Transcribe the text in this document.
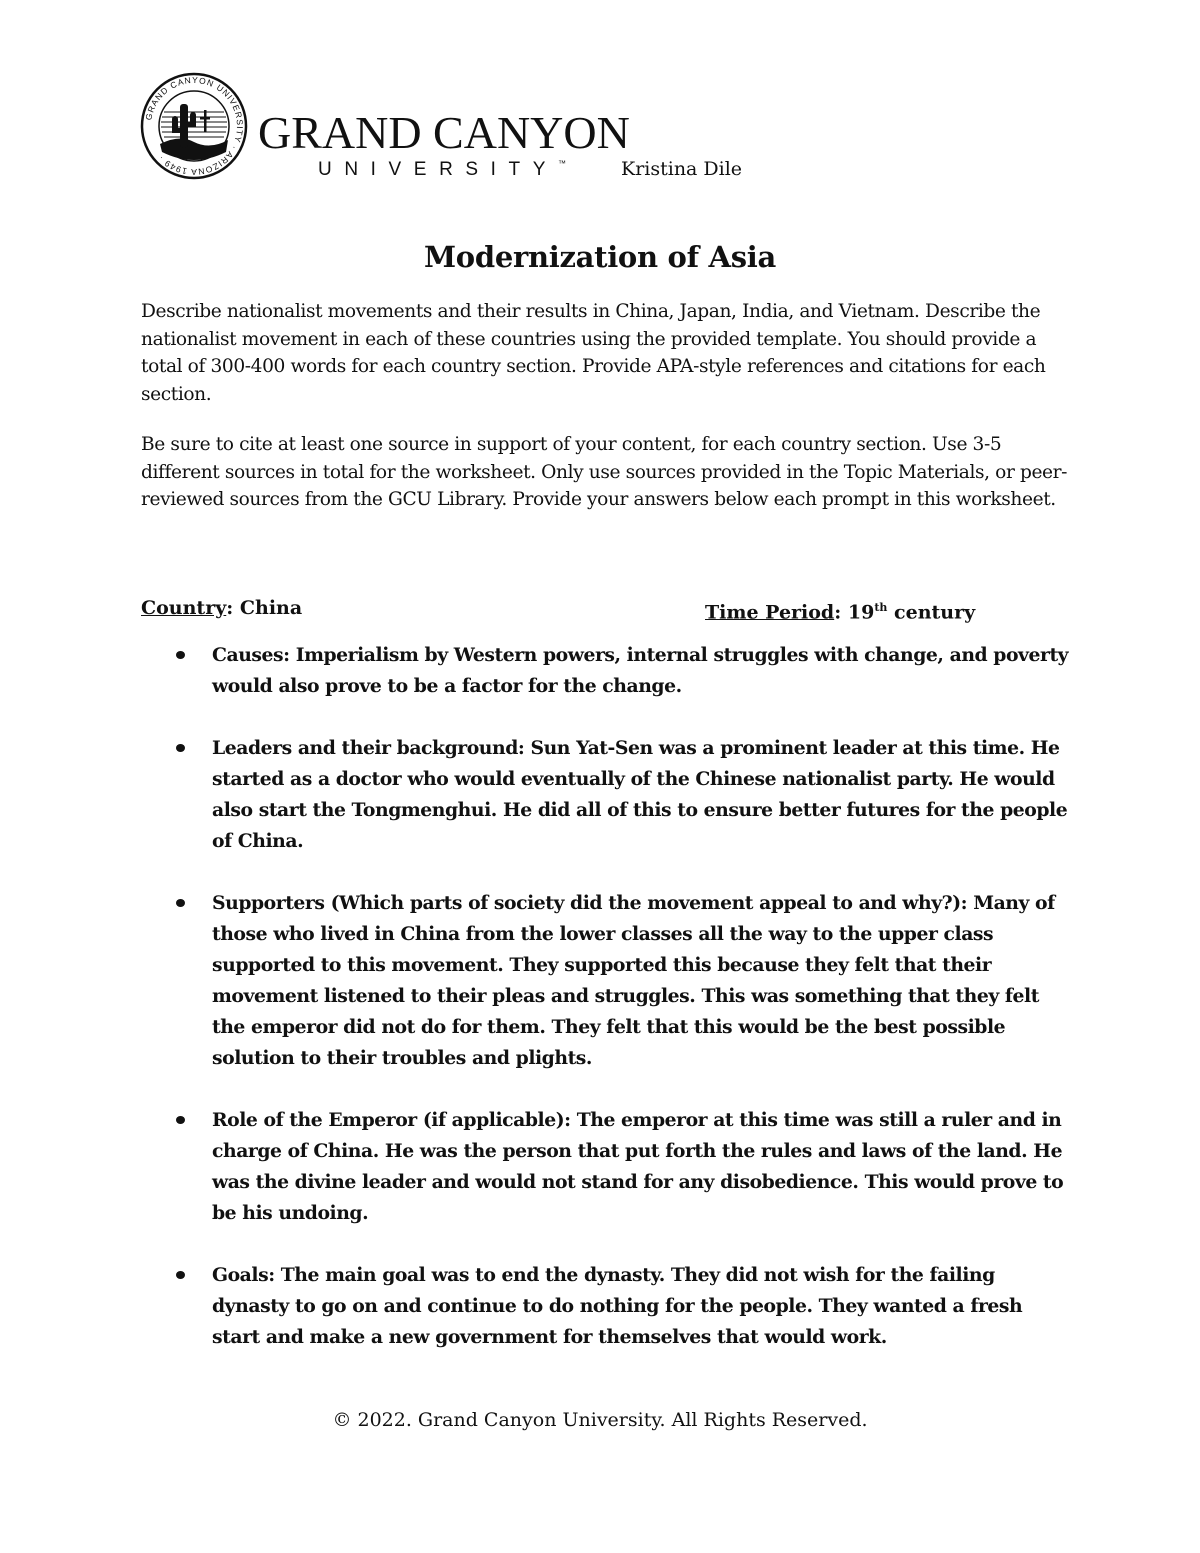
GRAND CANYON UNIVERSITY · ARIZONA 1949 ·	GRAND CANYON
UNIVERSITY™	Kristina Dile
Modernization of Asia
Describe nationalist movements and their results in China, Japan, India, and Vietnam. Describe the nationalist movement in each of these countries using the provided template. You should provide a total of 300-400 words for each country section. Provide APA-style references and citations for each section.
Be sure to cite at least one source in support of your content, for each country section. Use 3-5 different sources in total for the worksheet. Only use sources provided in the Topic Materials, or peer-reviewed sources from the GCU Library. Provide your answers below each prompt in this worksheet.
Country: China	Time Period: 19th century
Causes: Imperialism by Western powers, internal struggles with change, and poverty would also prove to be a factor for the change.
Leaders and their background: Sun Yat-Sen was a prominent leader at this time. He started as a doctor who would eventually of the Chinese nationalist party. He would also start the Tongmenghui. He did all of this to ensure better futures for the people of China.
Supporters (Which parts of society did the movement appeal to and why?): Many of those who lived in China from the lower classes all the way to the upper class supported to this movement. They supported this because they felt that their movement listened to their pleas and struggles. This was something that they felt the emperor did not do for them. They felt that this would be the best possible solution to their troubles and plights.
Role of the Emperor (if applicable): The emperor at this time was still a ruler and in charge of China. He was the person that put forth the rules and laws of the land. He was the divine leader and would not stand for any disobedience. This would prove to be his undoing.
Goals: The main goal was to end the dynasty. They did not wish for the failing dynasty to go on and continue to do nothing for the people. They wanted a fresh start and make a new government for themselves that would work.
© 2022. Grand Canyon University. All Rights Reserved.
